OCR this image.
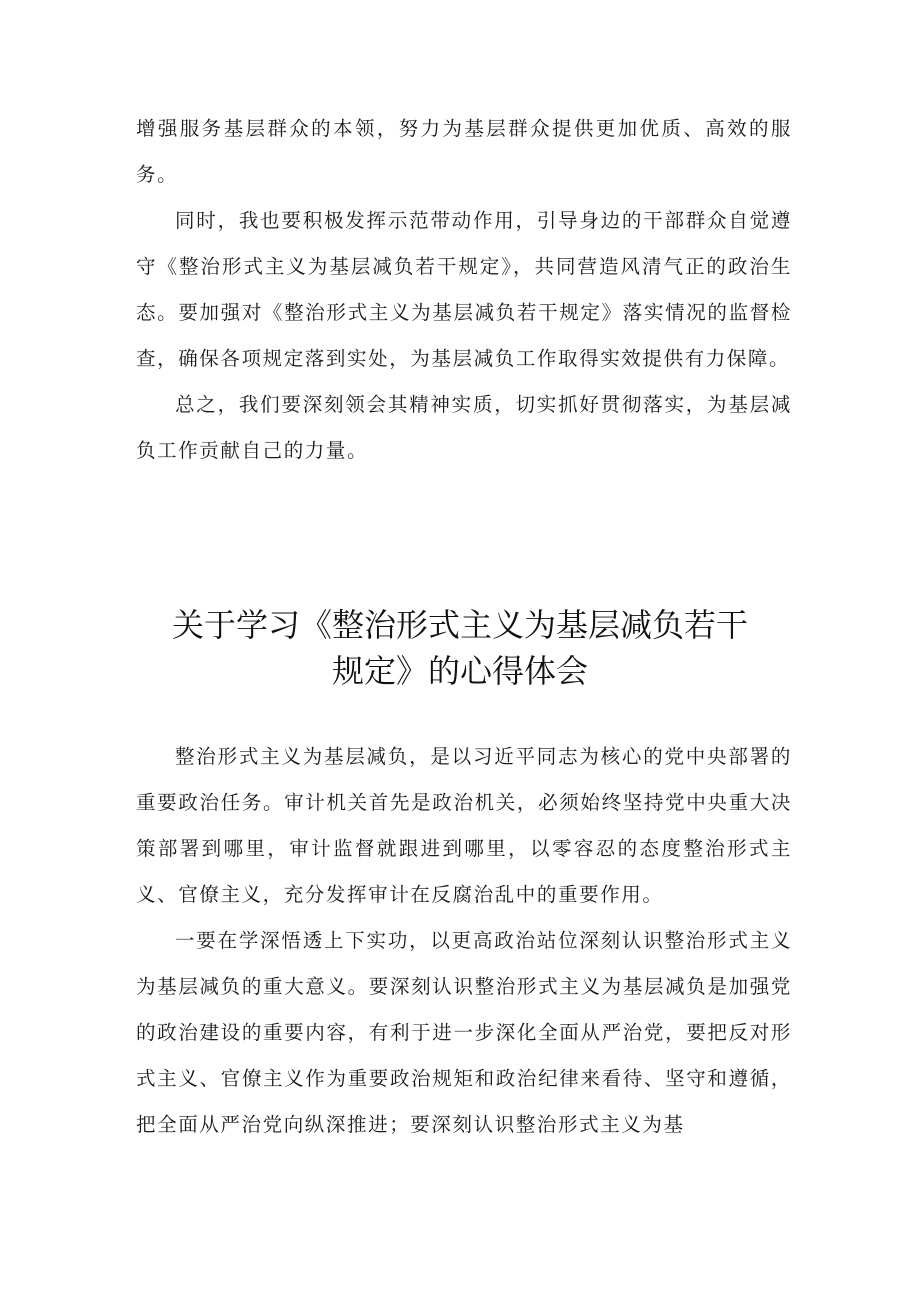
增强服务基层群众的本领，努力为基层群众提供更加优质、高效的服务。

同时，我也要积极发挥示范带动作用，引导身边的干部群众自觉遵守《整治形式主义为基层减负若干规定》，共同营造风清气正的政治生态。要加强对《整治形式主义为基层减负若干规定》落实情况的监督检查，确保各项规定落到实处，为基层减负工作取得实效提供有力保障。

总之，我们要深刻领会其精神实质，切实抓好贯彻落实，为基层减负工作贡献自己的力量。

关于学习《整治形式主义为基层减负若干
规定》的心得体会

整治形式主义为基层减负，是以习近平同志为核心的党中央部署的重要政治任务。审计机关首先是政治机关，必须始终坚持党中央重大决策部署到哪里，审计监督就跟进到哪里，以零容忍的态度整治形式主义、官僚主义，充分发挥审计在反腐治乱中的重要作用。

一要在学深悟透上下实功，以更高政治站位深刻认识整治形式主义为基层减负的重大意义。要深刻认识整治形式主义为基层减负是加强党的政治建设的重要内容，有利于进一步深化全面从严治党，要把反对形式主义、官僚主义作为重要政治规矩和政治纪律来看待、坚守和遵循，把全面从严治党向纵深推进；要深刻认识整治形式主义为基
